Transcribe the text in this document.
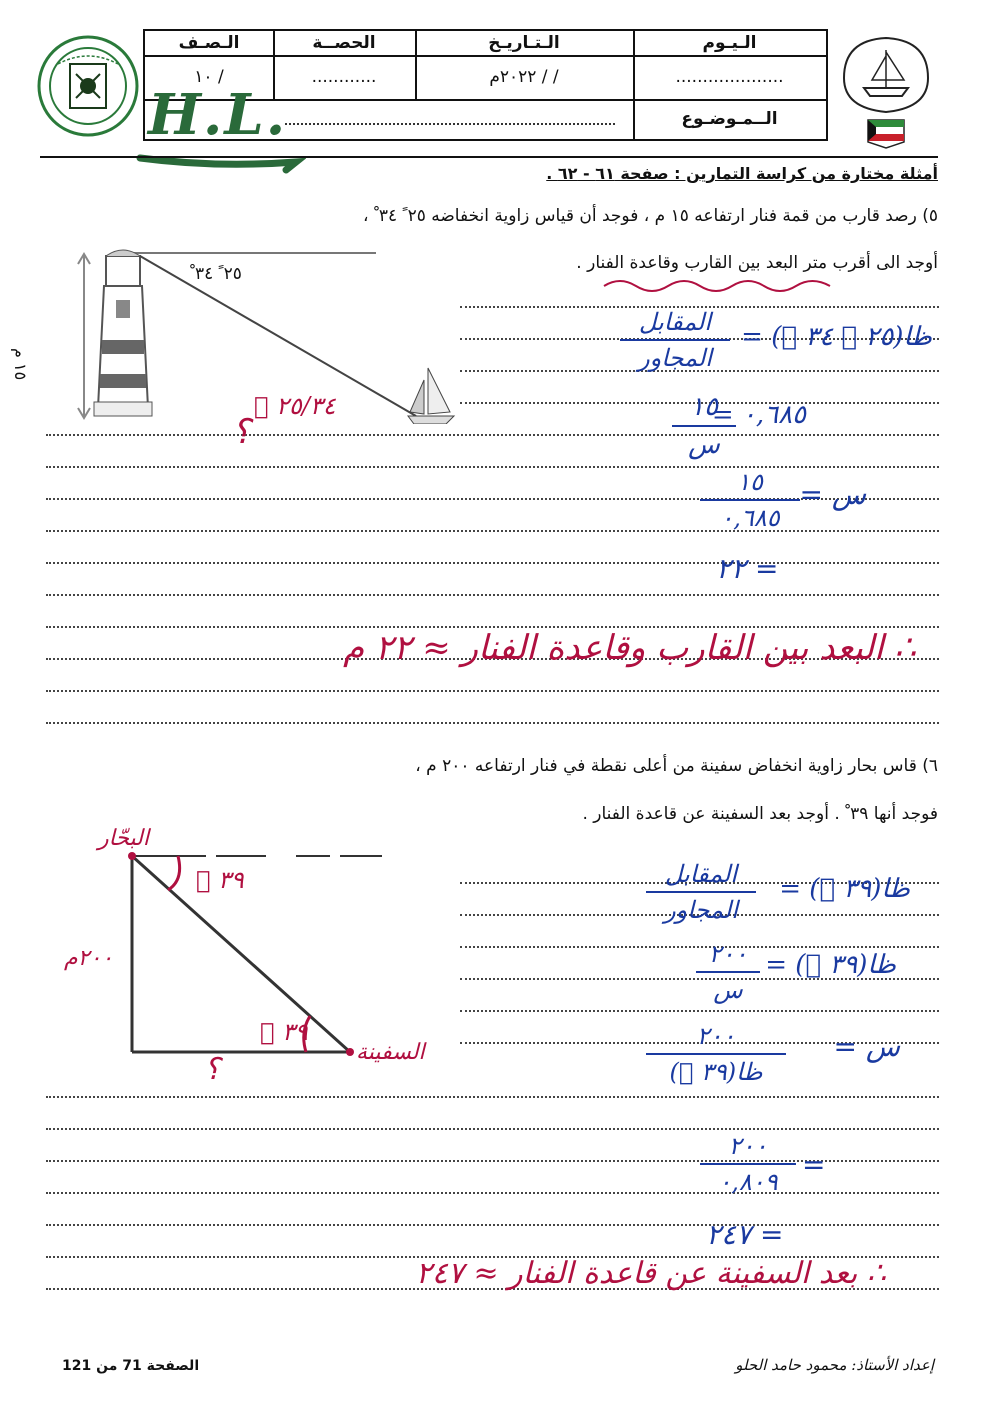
الـصـف	الحصــة	الـتـاريـخ	الـيـوم
/ ١٠	............	/ / ٢٠٢٢م	....................
الــمـوضـوع
H.L.
أمثلة مختارة من كراسة التمارين : صفحة ٦١ - ٦٢ .
٥) رصد قارب من قمة فنار ارتفاعه ١٥ م ، فوجد أن قياس زاوية انخفاضه ٢٥ ً ٣٤ ْ ،
أوجد الى أقرب متر البعد بين القارب وقاعدة الفنار .
٢٥ ً ٣٤ ْ
١٥ م
٢٥/٣٤ ْ
؟
ظا(٢٥ ً ٣٤ ْ) =
المقابل
المجاور
٠,٦٨٥ =
١٥
س
س =
١٥
٠,٦٨٥
= ٢٢
∴ البعد بين القارب وقاعدة الفنار ≈ ٢٢ م
٦) قاس بحار زاوية انخفاض سفينة من أعلى نقطة في فنار ارتفاعه ٢٠٠ م ،
فوجد أنها ٣٩ ْ . أوجد بعد السفينة عن قاعدة الفنار .
البحّار
السفينة
٢٠٠م
٣٩ ْ
٣٩ ْ
؟
ظا(٣٩ ْ) =
المقابل
المجاور
ظا(٣٩ ْ) =
٢٠٠
س
س =
٢٠٠
ظا(٣٩ ْ)
=
٢٠٠
٠,٨٠٩
= ٢٤٧
∴ بعد السفينة عن قاعدة الفنار ≈ ٢٤٧
إعداد الأستاذ: محمود حامد الحلو
الصفحة 71 من 121
